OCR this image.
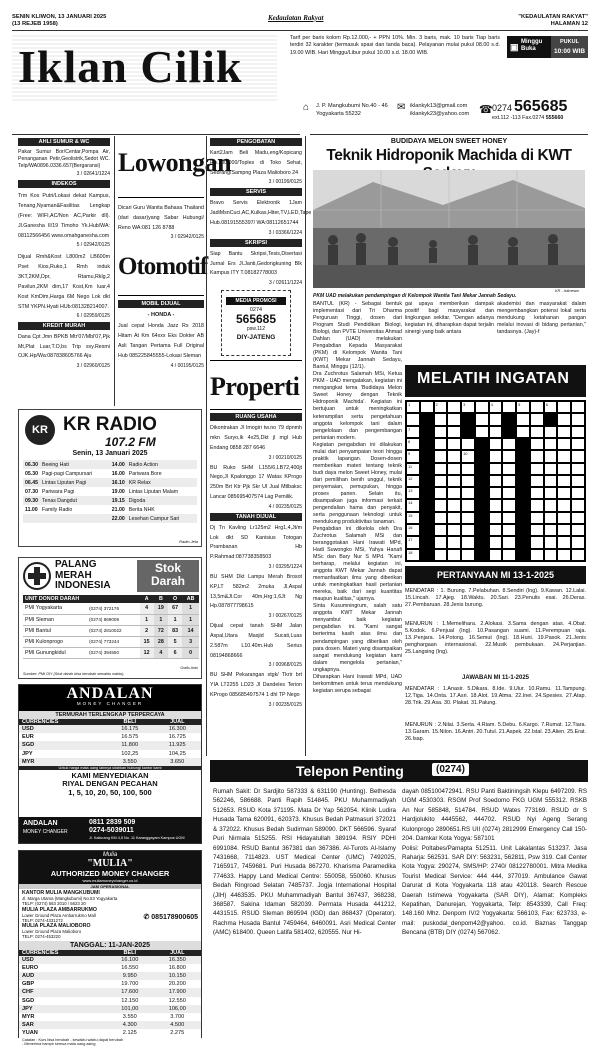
SENIN KLIWON, 13 JANUARI 2025
(13 REJEB 1958)
Kedaulatan Rakyat	"KEDAULATAN RAKYAT"
HALAMAN 12
Iklan Cilik
Tarif per baris kolom Rp.12.000,- + PPN 10%. Min. 3 baris, mak. 10 baris Tiap baris terdiri 32 karakter (termasuk spasi dan tanda baca). Pelayanan mulai pukul 08.00 s.d. 19.00 WIB. Hari Minggu/Libur pukul 10.00 s.d. 18.00 WIB.
▣ Minggu
Buka
PUKUL
10:00 WIB
⌂ J. P. Mangkubumi No.40 - 46
Yogyakarta 55232
✉ iklankyk13@gmail.com
iklankyk23@yahoo.com ☎ 0274 565685
ext.112 -113 Fax.0274 555660
AHLI SUMUR & WC
Pakar Sumur Bor/Centar,Pompa Air, Penanganan Petir,Geolistrik,Sedot WC. Telp/WA0896.0336.657(Bergaransi)
3 / 02641/1224
INDEKOS
Trm Kos Putri/Lokasi dekat Kampus, Tenang,Nyaman&Fasilitas Lengkap (Free: WIFI,AC/Non AC,Parkir dll). Jl.Ganesha II/19 Timoho Yk.Hub/WA: 08112566456 www.omahganesha.com
5 / 02942/0125
Dijual Rmh&Kost L800m2 LB600m Pset Kios,Ruko,1 Rmh induk 3KT,2KM,Dpr, Rtamu,Rklg,2 Pavilun,2KM dim,17 Kost,Km luar,4 Kost KmDim,Harga 6M Nego Lok dkt STM YKPN.Hyati HUb:081328214007.
6 / 02959/0125
KREDIT MURAH
Dana Cpt Jmn BPKB Mtr'07/Mbl'07,Pjk Mt,Plat Luar,T.O,bs Trip svy.Resmi OJK.Hp/Wa:087838605766 Aju
3 / 02960/0125
Lowongan
Dicari Guru Wanita Bahasa Thailand (dari dasar)yang Sabar Hubungi/ Reno WA:081 126 8788
3 / 02942/0125
Otomotif
MOBIL DIJUAL
- HONDA -
Jual cepat Honda Jazz Rs 2018 Hitam At Km 64xxx Eks Dokter AB Asli Tangan Pertama Full Original Hub 085225845555-Lokasi Sleman
4 / 00195/0125
PENGOBATAN
Kart2Jam Beli Madu,eng/Kopicang Rp.100.000/Toples di Toko Sehat, Sebrang/Sampng Plaza Malioboro 24
3 / 00199/0125
SERVIS
Bravo Servis Elektronik 1Jam JadiMsnCuci,AC,Kulkas,Hiter,TV,LED,Tape Hub.08191555397/ WA:08112651744
3 / 03366/1224
SKRIPSI
Siap Bantu Skripsi,Tesis,Disertasi Jurnal Ers Jl.Janti,Gedongkuning Blk Kampus ITY T.08182778003
3 / 02611/1224
MEDIA PROMOSI
0274
565685
psw.112
DIY-JATENG
Properti
RUANG USAHA
Dikontrakan Jl Imogiri tw.no 79 dpnmh mkn Suryo,lk 4x25,Dkt jl mgl Hub Endang 0858 287 6646
3 / 00210/0125
BU Ruko SHM L155/6,LB72,400jt Nego,Jl Kpalonggo 17 Watas KProgo 250m Brt Ktr Pjk Skr UI Jual Mtlbaksc Lancar 085695407574 Lag Pemilik.
4 / 00235/0125
TANAH DIJUAL
Dj Tn Kavling Lr125m2 Hrg1,4,Jt/m Lok dkt SD Kanisius Totogan Prambanan Hb P.Rahmad:087738358503
3 / 03295/1224
BU SHM Dkt Lampu Merah Brosot KP,LT 582m2 2muka Jl.Aspal 13,5m&Jl.Cor 40m,Hrg:1,6Jt Ng Hp.087877798615
3 / 00267/0125
Dijual cepat tanah SHM Jalan Aspal,Utara Masjid Sucati,Luas 2.587m L10.40m.Hub Serius 08194868666
3 / 00968/0125
BU SHM Pekarangan stgk/ Tkrir brt YIA LT2255 LD23 Jl Dandeles Terion KProgo 085685497574 1 dhl TP Nego
3 / 00235/0125
KR KR RADIO
107.2 FM
Senin, 13 Januari 2025
06.30	Beeing Hati	14.00	Radio Action
05.30	Pagi-pagi Campursari	16.00	Pariwara Bore
06.45	Lintas Liputan Pagi	16.10	KR Relax
07.30	Pariwara Pagi	19.00	Lintas Liputan Malam
09.30	Tenas Dangdut	19.15	Digoda
11.00	Family Radio	21.00	Berita NHK
		22.00	Lesehan Campur Sari
Radio Jela
PALANG
MERAH
INDONESIA
Stok
Darah
UNIT DONOR DARAH		A	B	O	AB
PMI Yogyakarta	(0274) 372176	4	19	67	1
PMI Sleman	(0274) 869009	1	1	1	1
PMI Bantul	(0274) 2810022	2	72	83	14
PMI Kulonprogo	(0274) 773244	15	28	5	3
PMI Gunungkidul	(0274) 394550	12	4	6	0
Sumber: PMI DIY (Stok darah bisa berubah sewaktu waktu).
Grafis Ardo
ANDALAN
MONEY CHANGER
TERMURAH TERLENGKAP TERPERCAYA
CURRENCIES	BELI	JUAL
USD	16.175	16.300
EUR	16.575	16.725
SGD	11.800	11.925
JPY	102,25	104,25
MYR	3.550	3.650
Untuk harga mata uang lainnya silahkan hubungi kantor kami
KAMI MENYEDIAKAN
RIYAL DENGAN PECAHAN
1, 5, 10, 20, 50, 100, 500
ANDALAN
MONEY CHANGER
0811 2839 509
0274-5039011
Jl. Kaliurang KM 4,5 No. 11 Karanggayam Kampus UGM
Mulia
"MULIA"
AUTHORIZED MONEY CHANGER
www.muliamoneychanger.co.id
JAM OPERASIONAL
KANTOR MULIA MANGKUBUMI
Jl. Marga Utama (Mangkubumi) No.53 Yogyakarta
TELP: (0274) 563 2010 / 5623 20
MULIA PLAZA AMBARRUKMO
Lower Ground Plaza Ambarrukmo Mall
TELP: 0274-4331272
MULIA PLAZA MALIOBORO
Lower Ground Plaza Malioboro
TELP: 0274-453220
✆ 085178900605
TANGGAL: 11-JAN-2025
CURRENCIES	BELI	JUAL
USD	16.100	16.350
EURO	16.550	16.800
AUD	9.950	10.150
GBP	19.700	20.200
CHF	17.600	17.900
SGD	12.150	12.550
JPY	101,00	106,00
MYR	3.550	3.700
SAR	4.300	4.500
YUAN	2.125	2.275
Catatan : Kurs bisa berubah - sewaktu waktu dapat berubah
- Menerima hampir semua mata uang asing
BUDIDAYA MELON SWEET HONEY
Teknik Hidroponik Machida di KWT
KR - Istimewa
PKM UAD melakukan pendampingan di Kelompok Wanita Tani Mekar Jannah Sedayu.
BANTUL (KR) - Sebagai bentuk implementasi dari Tri Dharma Perguruan Tinggi, dosen dari Program Studi Pendidikan Biologi, Biologi, dan PVTE Universitas Ahmad Dahlan (UAD) melakukan Pengabdian Kepada Masyarakat (PKM) di Kelompok Wanita Tani (KWT) Mekar Jannah Sedayu, Bantul, Minggu (12/1).
Dra Zuchrotus Salamah MSi, Ketua PKM - UAD mengatakan, kegiatan ini mengangkat tema 'Budidaya Melon Sweet Honey dengan Teknik Hidroponik Machida'. Kegiatan ini bertujuan untuk meningkatkan keterampilan serta pengetahuan anggota kelompok tani dalam pengelolaan dan pengembangan pertanian modern.
Kegiatan pengabdian ini dilakukan mulai dari penyampaian teori hingga praktik lapangan. Dosen-dosen memberikan materi tentang teknik budi daya melon Sweet Honey, mulai dari pemilihan benih unggul, teknik penyemaian, pemupukan, hingga proses panen. Selain itu, disampaikan juga informasi terkait pengendalian hama dan penyakit, serta penggunaan teknologi untuk mendukung produktivitas tanaman.
Pengabdian ini dikelola oleh Dra Zuchrotus Salamah MSi dan beranggotakan Hani Irawati MPd, Hadi Suwongko MSi, Yahya Hanafi MSc dan Bary Nur S MPd. "Kami berharap, melalui kegiatan ini, anggota KWT Mekar Jannah dapat memanfaatkan ilmu yang diberikan untuk meningkatkan hasil pertanian mereka, baik dari segi kuantitas maupun kualitas," ujarnya.
Sinta Kusumningrum, salah satu anggota KWT Mekar Jannah menyambut baik kegiatan pengabdian ini. "Kami sangat berterima kasih atas ilmu dan pendampingan yang diberikan oleh para dosen. Materi yang disampaikan sangat mendukung kegiatan kami dalam mengelola pertanian," ungkapnya.
Diharapkan Hani Irawati MPd, UAD berkomitmen untuk terus mendukung kegiatan serupa sebagai
gai upaya memberikan dampak positif bagi masyarakat dan lingkungan sekitar. "Dengan adanya kegiatan ini, diharapkan dapat terjalin sinergi yang baik antara
akademisi dan masyarakat dalam mengembangkan potensi lokal serta mendukung ketahanan pangan melalui inovasi di bidang pertanian," tandasnya. (Jay)-f
MELATIH INGATAN
1	2	3	4	5	6
7
8
9	10
11
12
13
14
15
16
17
18
PERTANYAAN MI 13-1-2025
MENDATAR : 1. Burung. 7.Pelabuhan. 8.Sendiri (Ing). 9.Kawan. 12.Lalai. 15.Lincah. 17.Ajeg. 18.Waktu. 20.Sari. 23.Penulis esai. 26.Deras. 27.Pembaruan. 28.Jenis burung.
MENURUN : 1.Memelihara. 2.Alokasi. 3.Sama dengan atas. 4.Obat. 5.Kodok. 6.Penjual (Ing). 10.Pasangan suami. 11.Perempuan raja. 13..Penjara. 14.Potong. 16.Semut (Ing). 18.Huni. 19.Pasok. 21.Jenis penghargaan internasional. 22.Musik pembukaan. 24.Perjanjian. 25.Langsing (Ing).
JAWABAN MI 11-1-2025
MENDATAR : 1.Anasir. 5.Dikara. 8.Ide. 9.Ulur. 10.Ramu. 11.Tampung. 12.Tiga. 14.Ontа. 17.Asri. 18.Alot. 19.Atma. 22.Inei. 24.Spesies. 27.Atap. 28.Trik. 29.Asa. 30. Plakat. 31.Palung.
MENURUN : 2.Nilai. 3.Serta. 4.Riam. 5.Debu. 6.Kargo. 7.Rumat. 12.Tiara. 13.Garam. 15.Nilon. 16.Antri. 20.Tutul. 21.Aspek. 22.Istal. 23.Alien. 25.Erat. 26.Isap.
Telepon Penting	(0274)
Rumah Sakit: Dr Sardjito 587333 & 631190 (Hunting). Bethesda 562246, 586688. Panti Rapih 514845. PKU Muhammadiyah 512653. RSUD Kota 371195. Mata Dr Yap 562054. Klinik Ludira Husada Tama 620091, 620373. Khusus Bedah Patmasuri 372021 & 372022. Khusus Bedah Sudirman 589090. DKT 566596. Syaraf Puri Nirmala 515255. RSI Hidayatullah 389194. RSIY PDHI 6991084. RSUD Bantul 367381 dan 367386. Al-Turots Al-Islamy 7431668, 7114823. UST Medical Center (UMC) 7492025, 7165917, 7459681. Puri Husada 867270. Kharisma Paramedika 774633. Happy Land Medical Centre: 550058, 550060. Khusus Bedah Ringroad Selatan 7485737. Jogja International Hospital (JIH) 4463535. PKU Muhammadiyah Bantul 367437, 368238, 368587. Sakina Idaman 582039. Permata Husada 441212, 4431515. RSUD Sleman 869594 (IGD) dan 868437 (Operator). Rachma Husada Bantul 7459464, 6460091. Asri Medical Center (AMC) 618400. Queen Latifa 581402, 620555. Nur Hi-
dayah 085100472941. RSU Panti Baktiningsih Klepu 6497209. RS UGM 4530303. RSGM Prof Soedomo FKG UGM 555312. RSKB An Nur 585848, 514784. RSUD Wates 773169. RSUD dr S Hardjolukito 4445562, 444702. RSUD Nyi Ageng Serang Kulonprogo 2890651.RS UII (0274) 2812999 Emergency Call 150-204. Damkar Kota Yogya: 587101
Polisi: Poltabes/Pamapta 512511. Unit Lakalantas 513237. Jasa Raharja: 562531. SAR DIY: 563231, 562811, Psw 319. Call Center Kota Yogya: 290274, SMS/HP: 2740/ 08122780001. Mitra Medika Tourist Medical Service: 444 444, 377019. Ambulance Gawat Darurat di Kota Yogyakarta 118 atau 420118. Search Rescue Daerah Istimewa Yogyakarta (SAR DIY), Alamat: Kompleks Kepatihan, Danurejan, Yogyakarta, Telp: 8543339, Call Freq: 148.160 Mhz. Denpom IV/2 Yogyakarta: 566103, Fax: 623733, e-mail: puskodal_denpom42@yahoo. co.id. Baznas Tanggap Bencana (BTB) DIY (0274) 567062.
